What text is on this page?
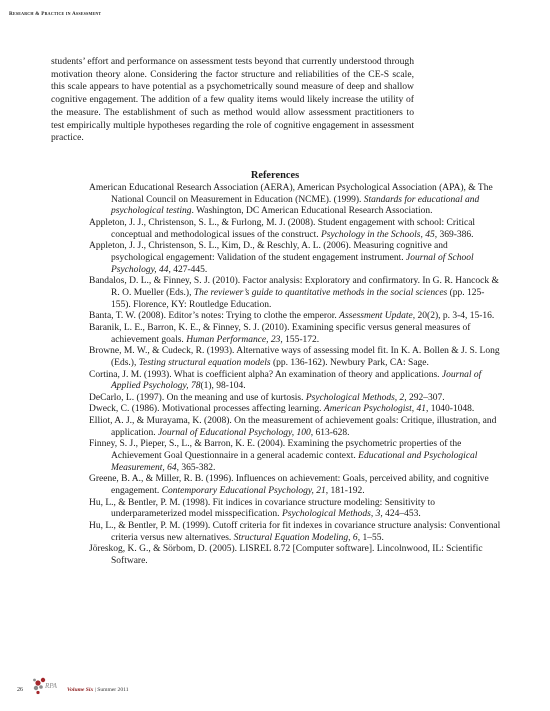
Research & Practice in Assessment

students’ effort and performance on assessment tests beyond that currently understood through motivation theory alone. Considering the factor structure and reliabilities of the CE-S scale, this scale appears to have potential as a psychometrically sound measure of deep and shallow cognitive engagement. The addition of a few quality items would likely increase the utility of the measure. The establishment of such as method would allow assessment practitioners to test empirically multiple hypotheses regarding the role of cognitive engagement in assessment practice.

References
American Educational Research Association (AERA), American Psychological Association (APA), & The National Council on Measurement in Education (NCME). (1999). Standards for educational and psychological testing. Washington, DC American Educational Research Association.
Appleton, J. J., Christenson, S. L., & Furlong, M. J. (2008). Student engagement with school: Critical conceptual and methodological issues of the construct. Psychology in the Schools, 45, 369-386.
Appleton, J. J., Christenson, S. L., Kim, D., & Reschly, A. L. (2006). Measuring cognitive and psychological engagement: Validation of the student engagement instrument. Journal of School Psychology, 44, 427-445.
Bandalos, D. L., & Finney, S. J. (2010). Factor analysis: Exploratory and confirmatory. In G. R. Hancock & R. O. Mueller (Eds.), The reviewer’s guide to quantitative methods in the social sciences (pp. 125-155). Florence, KY: Routledge Education.
Banta, T. W. (2008). Editor’s notes: Trying to clothe the emperor. Assessment Update, 20(2), p. 3-4, 15-16.
Baranik, L. E., Barron, K. E., & Finney, S. J. (2010). Examining specific versus general measures of achievement goals. Human Performance, 23, 155-172.
Browne, M. W., & Cudeck, R. (1993). Alternative ways of assessing model fit. In K. A. Bollen & J. S. Long (Eds.), Testing structural equation models (pp. 136-162). Newbury Park, CA: Sage.
Cortina, J. M. (1993). What is coefficient alpha? An examination of theory and applications. Journal of Applied Psychology, 78(1), 98-104.
DeCarlo, L. (1997). On the meaning and use of kurtosis. Psychological Methods, 2, 292–307.
Dweck, C. (1986). Motivational processes affecting learning. American Psychologist, 41, 1040-1048.
Elliot, A. J., & Murayama, K. (2008). On the measurement of achievement goals: Critique, illustration, and application. Journal of Educational Psychology, 100, 613-628.
Finney, S. J., Pieper, S., L., & Barron, K. E. (2004). Examining the psychometric properties of the Achievement Goal Questionnaire in a general academic context. Educational and Psychological Measurement, 64, 365-382.
Greene, B. A., & Miller, R. B. (1996). Influences on achievement: Goals, perceived ability, and cognitive engagement. Contemporary Educational Psychology, 21, 181-192.
Hu, L., & Bentler, P. M. (1998). Fit indices in covariance structure modeling: Sensitivity to underparameterized model misspecification. Psychological Methods, 3, 424–453.
Hu, L., & Bentler, P. M. (1999). Cutoff criteria for fit indexes in covariance structure analysis: Conventional criteria versus new alternatives. Structural Equation Modeling, 6, 1–55.
Jöreskog, K. G., & Sörbom, D. (2005). LISREL 8.72 [Computer software]. Lincolnwood, IL: Scientific Software.
26	RPA Volume Six | Summer 2011
